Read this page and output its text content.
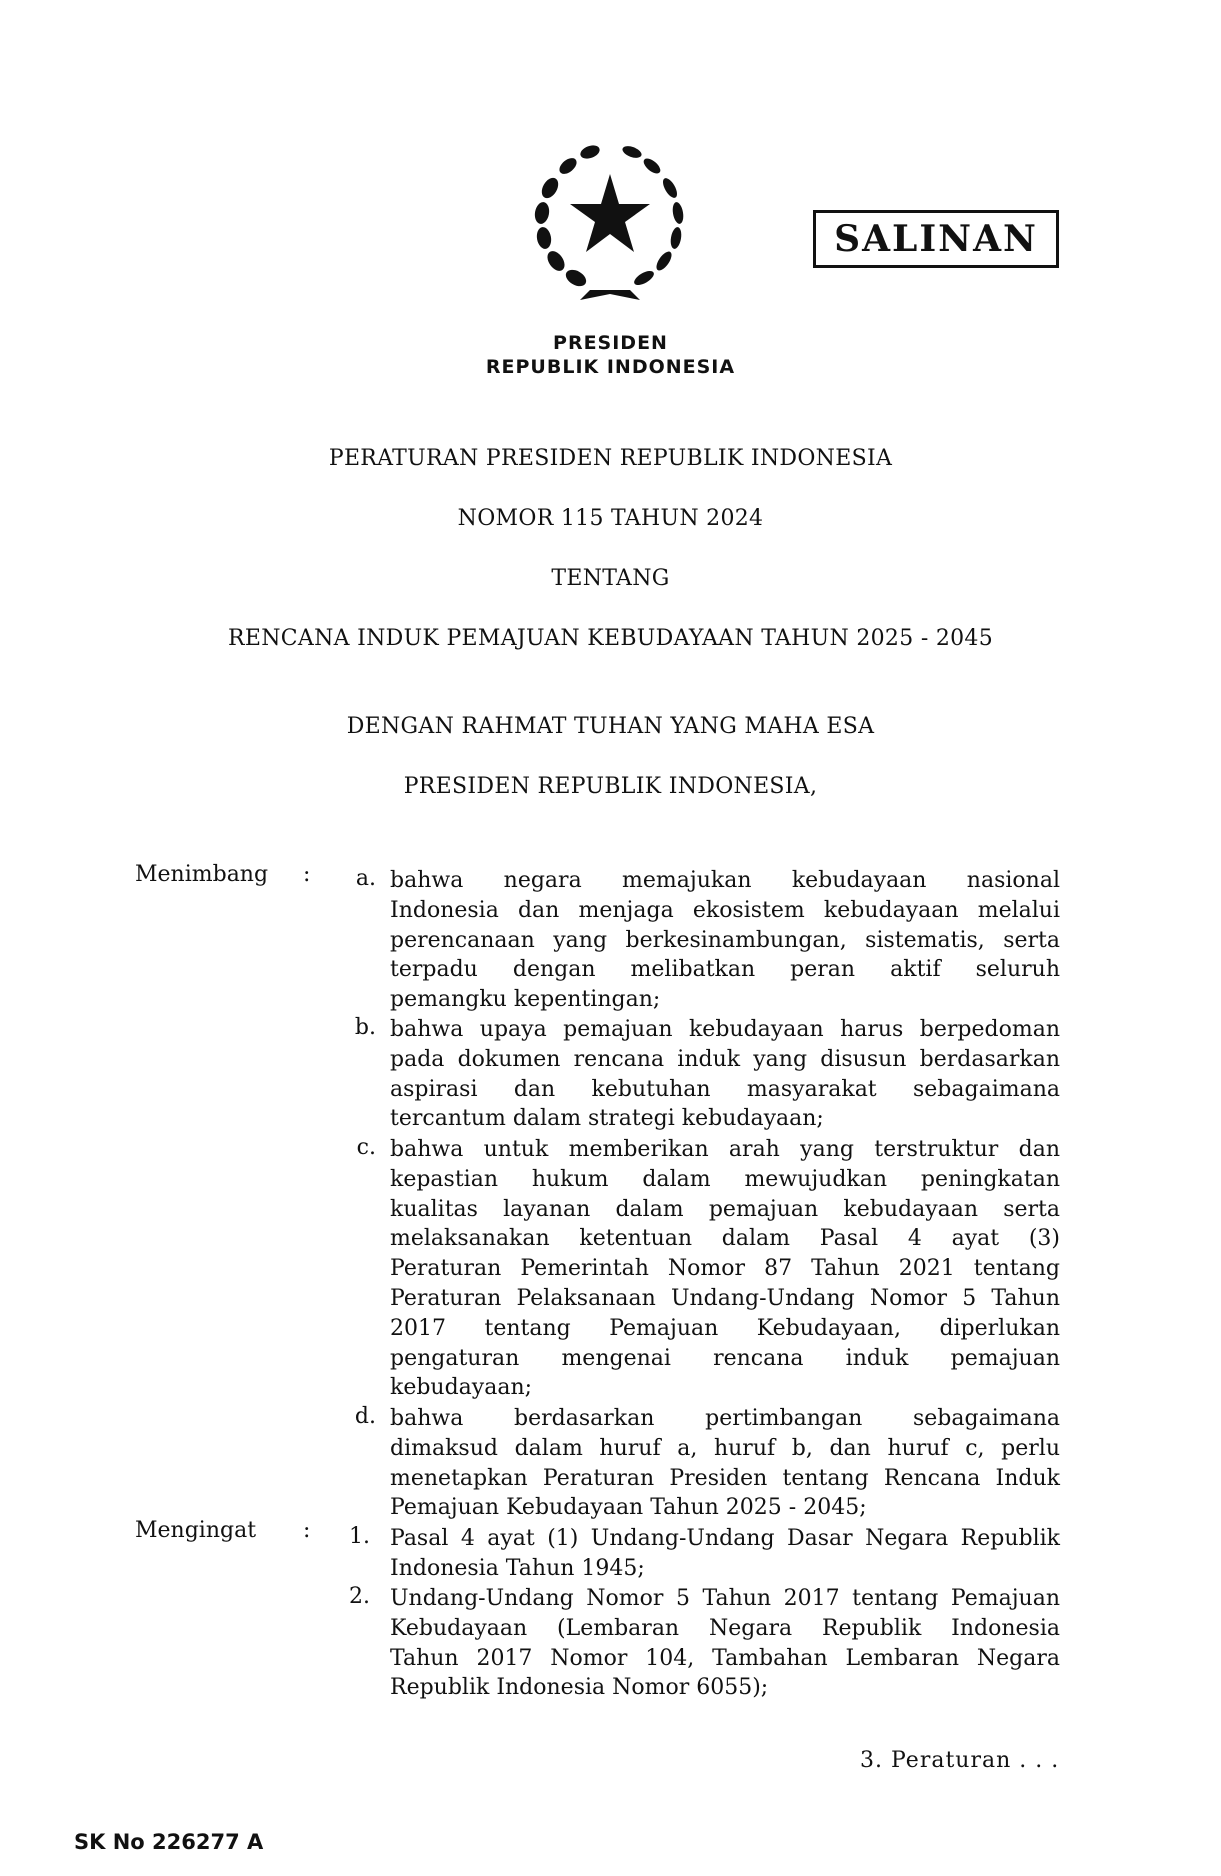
SALINAN
PRESIDEN
REPUBLIK INDONESIA
PERATURAN PRESIDEN REPUBLIK INDONESIA
NOMOR 115 TAHUN 2024
TENTANG
RENCANA INDUK PEMAJUAN KEBUDAYAAN TAHUN 2025 - 2045
DENGAN RAHMAT TUHAN YANG MAHA ESA
PRESIDEN REPUBLIK INDONESIA,
Menimbang :	a. bahwa negara memajukan kebudayaan nasional
Indonesia dan menjaga ekosistem kebudayaan melalui
perencanaan yang berkesinambungan, sistematis, serta
terpadu dengan melibatkan peran aktif seluruh
pemangku kepentingan;
b. bahwa upaya pemajuan kebudayaan harus berpedoman
pada dokumen rencana induk yang disusun berdasarkan
aspirasi dan kebutuhan masyarakat sebagaimana
tercantum dalam strategi kebudayaan;
c. bahwa untuk memberikan arah yang terstruktur dan
kepastian hukum dalam mewujudkan peningkatan
kualitas layanan dalam pemajuan kebudayaan serta
melaksanakan ketentuan dalam Pasal 4 ayat (3)
Peraturan Pemerintah Nomor 87 Tahun 2021 tentang
Peraturan Pelaksanaan Undang-Undang Nomor 5 Tahun
2017 tentang Pemajuan Kebudayaan, diperlukan
pengaturan mengenai rencana induk pemajuan
kebudayaan;
d. bahwa berdasarkan pertimbangan sebagaimana
dimaksud dalam huruf a, huruf b, dan huruf c, perlu
menetapkan Peraturan Presiden tentang Rencana Induk
Pemajuan Kebudayaan Tahun 2025 - 2045;
Mengingat :	1. Pasal 4 ayat (1) Undang-Undang Dasar Negara Republik
Indonesia Tahun 1945;
2. Undang-Undang Nomor 5 Tahun 2017 tentang Pemajuan
Kebudayaan (Lembaran Negara Republik Indonesia
Tahun 2017 Nomor 104, Tambahan Lembaran Negara
Republik Indonesia Nomor 6055);
3. Peraturan . . .
SK No 226277 A
